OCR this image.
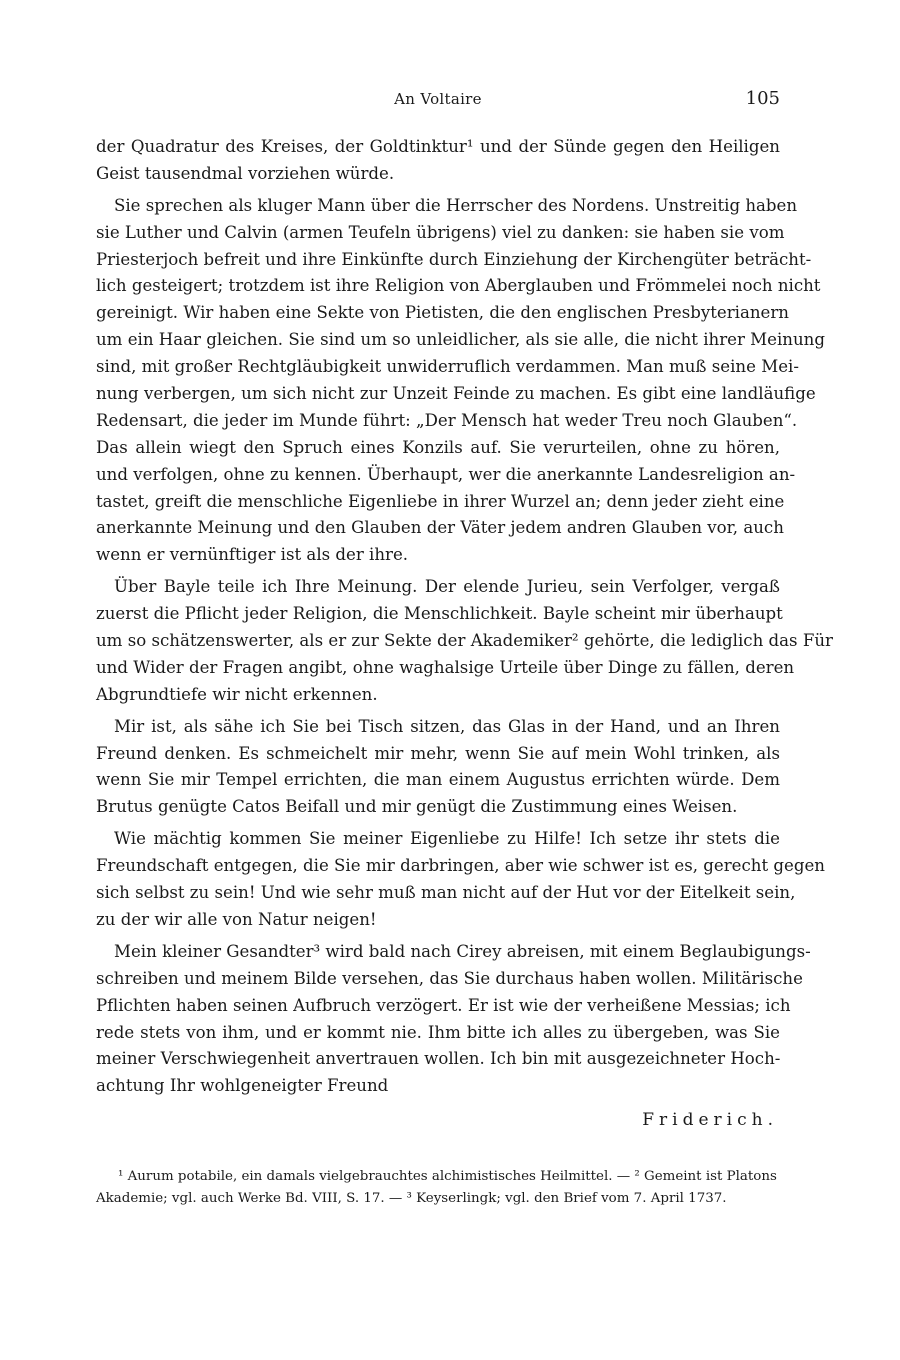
An Voltaire	105
der Quadratur des Kreises, der Goldtinktur¹ und der Sünde gegen den Heiligen
Geist tausendmal vorziehen würde.
Sie sprechen als kluger Mann über die Herrscher des Nordens. Unstreitig haben
sie Luther und Calvin (armen Teufeln übrigens) viel zu danken: sie haben sie vom
Priesterjoch befreit und ihre Einkünfte durch Einziehung der Kirchengüter beträcht-
lich gesteigert; trotzdem ist ihre Religion von Aberglauben und Frömmelei noch nicht
gereinigt. Wir haben eine Sekte von Pietisten, die den englischen Presbyterianern
um ein Haar gleichen. Sie sind um so unleidlicher, als sie alle, die nicht ihrer Meinung
sind, mit großer Rechtgläubigkeit unwiderruflich verdammen. Man muß seine Mei-
nung verbergen, um sich nicht zur Unzeit Feinde zu machen. Es gibt eine landläufige
Redensart, die jeder im Munde führt: „Der Mensch hat weder Treu noch Glauben“.
Das allein wiegt den Spruch eines Konzils auf. Sie verurteilen, ohne zu hören,
und verfolgen, ohne zu kennen. Überhaupt, wer die anerkannte Landesreligion an-
tastet, greift die menschliche Eigenliebe in ihrer Wurzel an; denn jeder zieht eine
anerkannte Meinung und den Glauben der Väter jedem andren Glauben vor, auch
wenn er vernünftiger ist als der ihre.
Über Bayle teile ich Ihre Meinung. Der elende Jurieu, sein Verfolger, vergaß
zuerst die Pflicht jeder Religion, die Menschlichkeit. Bayle scheint mir überhaupt
um so schätzenswerter, als er zur Sekte der Akademiker² gehörte, die lediglich das Für
und Wider der Fragen angibt, ohne waghalsige Urteile über Dinge zu fällen, deren
Abgrundtiefe wir nicht erkennen.
Mir ist, als sähe ich Sie bei Tisch sitzen, das Glas in der Hand, und an Ihren
Freund denken. Es schmeichelt mir mehr, wenn Sie auf mein Wohl trinken, als
wenn Sie mir Tempel errichten, die man einem Augustus errichten würde. Dem
Brutus genügte Catos Beifall und mir genügt die Zustimmung eines Weisen.
Wie mächtig kommen Sie meiner Eigenliebe zu Hilfe! Ich setze ihr stets die
Freundschaft entgegen, die Sie mir darbringen, aber wie schwer ist es, gerecht gegen
sich selbst zu sein! Und wie sehr muß man nicht auf der Hut vor der Eitelkeit sein,
zu der wir alle von Natur neigen!
Mein kleiner Gesandter³ wird bald nach Cirey abreisen, mit einem Beglaubigungs-
schreiben und meinem Bilde versehen, das Sie durchaus haben wollen. Militärische
Pflichten haben seinen Aufbruch verzögert. Er ist wie der verheißene Messias; ich
rede stets von ihm, und er kommt nie. Ihm bitte ich alles zu übergeben, was Sie
meiner Verschwiegenheit anvertrauen wollen. Ich bin mit ausgezeichneter Hoch-
achtung Ihr wohlgeneigter Freund
Friderich.
¹ Aurum potabile, ein damals vielgebrauchtes alchimistisches Heilmittel. — ² Gemeint ist Platons
Akademie; vgl. auch Werke Bd. VIII, S. 17. — ³ Keyserlingk; vgl. den Brief vom 7. April 1737.
